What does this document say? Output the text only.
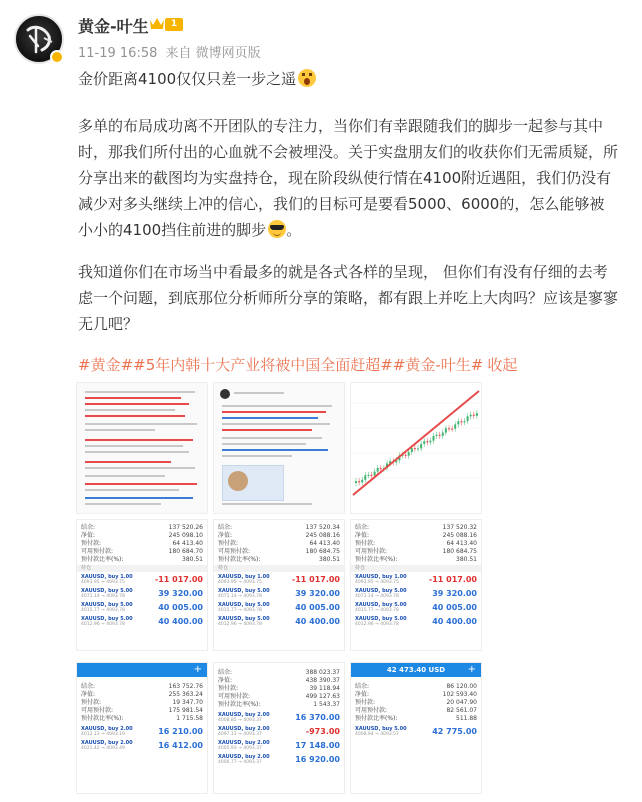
黄金-叶生	1
11-19 16:58 来自 微博网页版
金价距离4100仅仅只差一步之遥
多单的布局成功离不开团队的专注力，当你们有幸跟随我们的脚步一起参与其中时，那我们所付出的心血就不会被埋没。关于实盘朋友们的收获你们无需质疑，所分享出来的截图均为实盘持仓，现在阶段纵使行情在4100附近遇阻，我们仍没有减少对多头继续上冲的信心，我们的目标可是要看5000、6000的，怎么能够被小小的4100挡住前进的脚步 。
我知道你们在市场当中看最多的就是各式各样的呈现， 但你们有没有仔细的去考虑一个问题，到底那位分析师所分享的策略，都有跟上并吃上大肉吗？应该是寥寥无几吧？
#黄金##5年内韩十大产业将被中国全面赶超##黄金-叶生# 收起
结余:	137 520.26
净值:	245 098.10
预付款:	64 413.40
可用预付款:	180 684.70
预付款比率(%):	380.51
持仓
XAUUSD, buy 1.00
4093.95 → 4093.75	-11 017.00
XAUUSD, buy 5.00
4071.14 → 4093.78	39 320.00
XAUUSD, buy 5.00
4015.77 → 4093.78	40 005.00
XAUUSD, buy 5.00
4012.96 → 4093.78	40 400.00
结余:	137 520.34
净值:	245 088.16
预付款:	64 413.40
可用预付款:	180 684.75
预付款比率(%):	380.51
持仓
XAUUSD, buy 1.00
4093.95 → 4093.75	-11 017.00
XAUUSD, buy 5.00
4071.14 → 4093.78	39 320.00
XAUUSD, buy 5.00
4015.77 → 4093.78	40 005.00
XAUUSD, buy 5.00
4012.96 → 4093.78	40 400.00
结余:	137 520.32
净值:	245 088.16
预付款:	64 413.40
可用预付款:	180 684.75
预付款比率(%):	380.51
持仓
XAUUSD, buy 1.00
4093.95 → 4093.75	-11 017.00
XAUUSD, buy 5.00
4071.14 → 4093.78	39 320.00
XAUUSD, buy 5.00
4015.77 → 4093.78	40 005.00
XAUUSD, buy 5.00
4012.96 → 4093.78	40 400.00
+
结余:	163 752.76
净值:	255 363.24
预付款:	19 347.70
可用预付款:	175 981.54
预付款比率(%):	1 715.58
XAUUSD, buy 2.00
4012.13 → 4093.19	16 210.00
XAUUSD, buy 2.00
4021.42 → 4093.49	16 412.00
结余:	388 023.37
净值:	438 390.37
预付款:	39 118.94
可用预付款:	499 127.63
预付款比率(%):	1 543.37
XAUUSD, buy 2.00
4008.85 → 4093.37	16 370.00
XAUUSD, buy 2.00
4097.13 → 4093.37	-973.00
XAUUSD, buy 2.00
4005.93 → 4093.37	17 148.00
XAUUSD, buy 2.00
4006.77 → 4093.37	16 920.00
42 473.40 USD	+
结余:	86 120.00
净值:	102 593.40
预付款:	20 047.90
可用预付款:	82 561.07
预付款比率(%):	511.88
XAUUSD, buy 5.00
4008.94 → 4093.57	42 775.00
